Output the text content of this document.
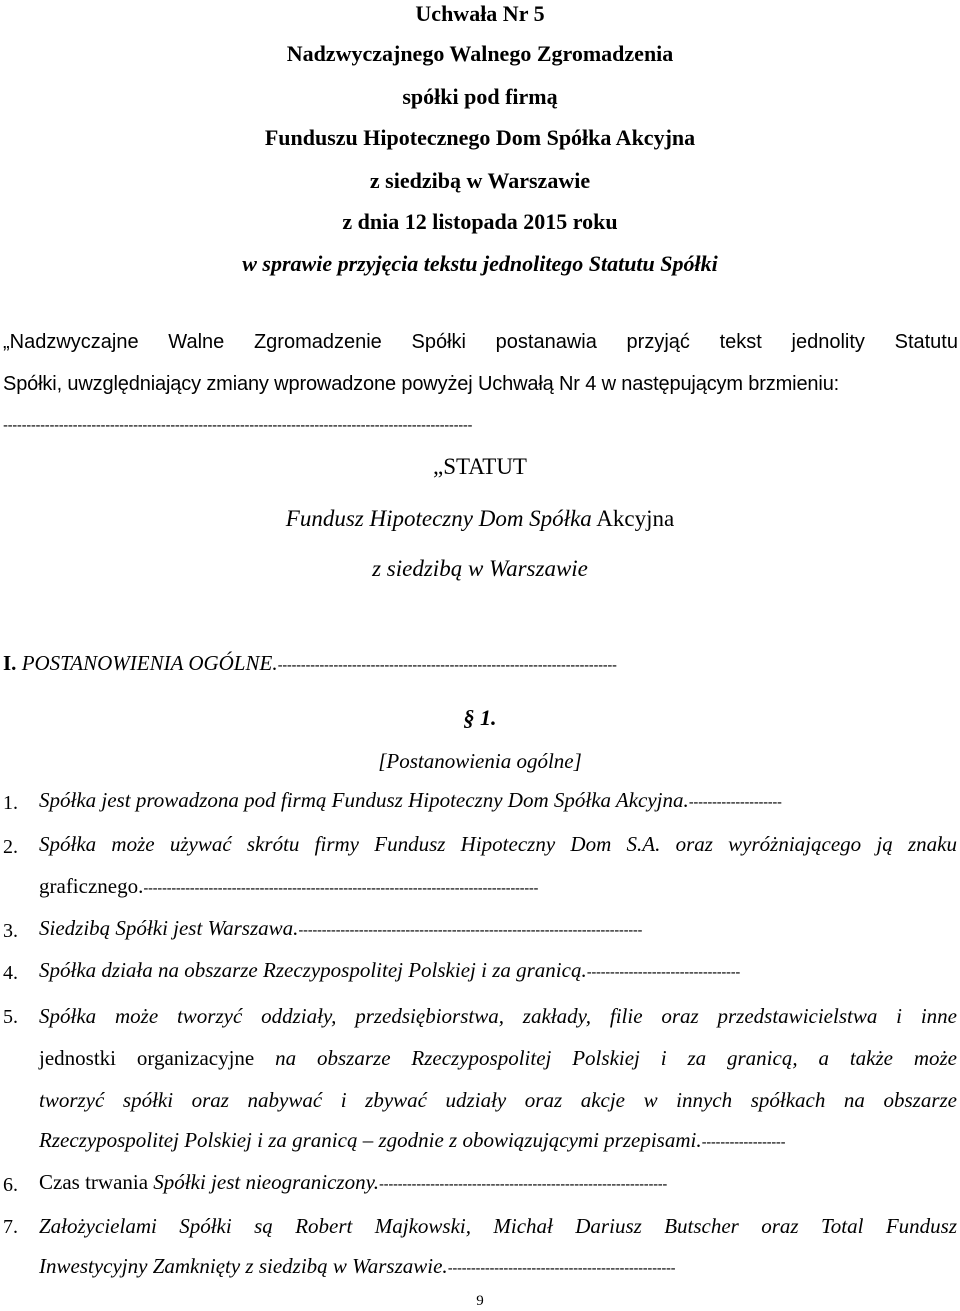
Uchwała Nr 5
Nadzwyczajnego Walnego Zgromadzenia
spółki pod firmą
Funduszu Hipotecznego Dom Spółka Akcyjna
z siedzibą w Warszawie
z dnia 12 listopada 2015 roku
w sprawie przyjęcia tekstu jednolitego Statutu Spółki
„Nadzwyczajne Walne Zgromadzenie Spółki postanawia przyjąć tekst jednolity Statutu
Spółki, uwzględniający zmiany wprowadzone powyżej Uchwałą Nr 4 w następującym brzmieniu:
-----------------------------------------------------------------------------------------------------
„STATUT
Fundusz Hipoteczny Dom Spółka Akcyjna
z siedzibą w Warszawie
I. POSTANOWIENIA OGÓLNE.-------------------------------------------------------------------------
§ 1.
[Postanowienia ogólne]
1. Spółka jest prowadzona pod firmą Fundusz Hipoteczny Dom Spółka Akcyjna.--------------------
2. Spółka może używać skrótu firmy Fundusz Hipoteczny Dom S.A. oraz wyróżniającego ją znaku
graficznego.-------------------------------------------------------------------------------------
3. Siedzibą Spółki jest Warszawa.--------------------------------------------------------------------------
4. Spółka działa na obszarze Rzeczypospolitej Polskiej i za granicą.---------------------------------
5. Spółka może tworzyć oddziały, przedsiębiorstwa, zakłady, filie oraz przedstawicielstwa i inne
jednostki organizacyjne na obszarze Rzeczypospolitej Polskiej i za granicą, a także może
tworzyć spółki oraz nabywać i zbywać udziały oraz akcje w innych spółkach na obszarze
Rzeczypospolitej Polskiej i za granicą – zgodnie z obowiązującymi przepisami.------------------
6. Czas trwania Spółki jest nieograniczony.--------------------------------------------------------------
7. Założycielami Spółki są Robert Majkowski, Michał Dariusz Butscher oraz Total Fundusz
Inwestycyjny Zamknięty z siedzibą w Warszawie.-------------------------------------------------
9
